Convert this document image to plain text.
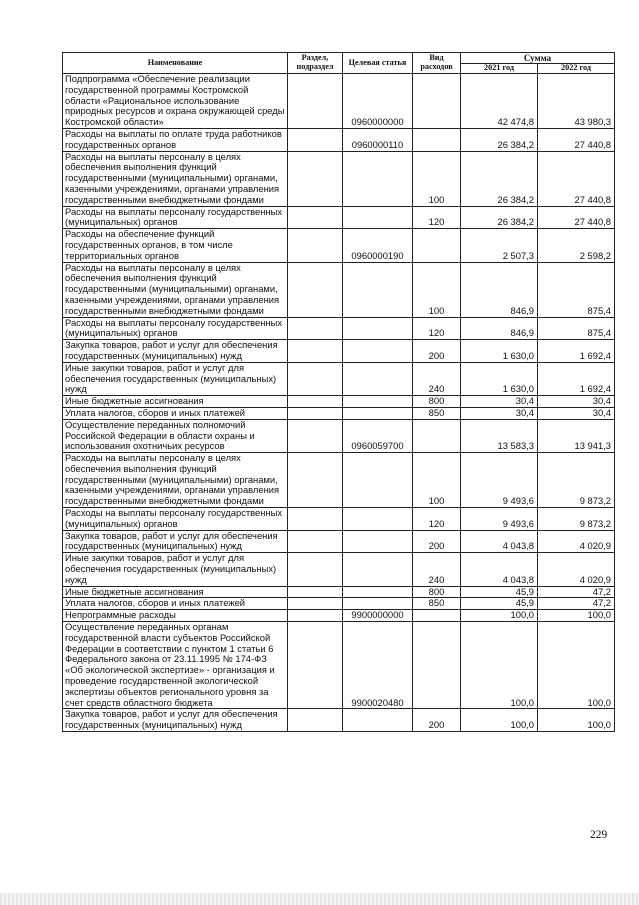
Наименование	Раздел, подраздел	Целевая статья	Вид расходов	Сумма	
				2021 год	2022 год
Подпрограмма «Обеспечение реализации государственной программы Костромской области «Рациональное использование природных ресурсов и охрана окружающей среды Костромской области»		0960000000		42 474,8	43 980,3
Расходы на выплаты по оплате труда работников государственных органов		0960000110		26 384,2	27 440,8
Расходы на выплаты персоналу в целях обеспечения выполнения функций государственными (муниципальными) органами, казенными учреждениями, органами управления государственными внебюджетными фондами			100	26 384,2	27 440,8
Расходы на выплаты персоналу государственных (муниципальных) органов			120	26 384,2	27 440,8
Расходы на обеспечение функций государственных органов, в том числе территориальных органов		0960000190		2 507,3	2 598,2
Расходы на выплаты персоналу в целях обеспечения выполнения функций государственными (муниципальными) органами, казенными учреждениями, органами управления государственными внебюджетными фондами			100	846,9	875,4
Расходы на выплаты персоналу государственных (муниципальных) органов			120	846,9	875,4
Закупка товаров, работ и услуг для обеспечения государственных (муниципальных) нужд			200	1 630,0	1 692,4
Иные закупки товаров, работ и услуг для обеспечения государственных (муниципальных) нужд			240	1 630,0	1 692,4
Иные бюджетные ассигнования			800	30,4	30,4
Уплата налогов, сборов и иных платежей			850	30,4	30,4
Осуществление переданных полномочий Российской Федерации в области охраны и использования охотничьих ресурсов		0960059700		13 583,3	13 941,3
Расходы на выплаты персоналу в целях обеспечения выполнения функций государственными (муниципальными) органами, казенными учреждениями, органами управления государственными внебюджетными фондами			100	9 493,6	9 873,2
Расходы на выплаты персоналу государственных (муниципальных) органов			120	9 493,6	9 873,2
Закупка товаров, работ и услуг для обеспечения государственных (муниципальных) нужд			200	4 043,8	4 020,9
Иные закупки товаров, работ и услуг для обеспечения государственных (муниципальных) нужд			240	4 043,8	4 020,9
Иные бюджетные ассигнования			800	45,9	47,2
Уплата налогов, сборов и иных платежей			850	45,9	47,2
Непрограммные расходы		9900000000		100,0	100,0
Осуществление переданных органам государственной власти субъектов Российской Федерации в соответствии с пунктом 1 статьи 6 Федерального закона от 23.11.1995 № 174-ФЗ «Об экологической экспертизе» - организация и проведение государственной экологической экспертизы объектов регионального уровня за счет средств областного бюджета		9900020480		100,0	100,0
Закупка товаров, работ и услуг для обеспечения государственных (муниципальных) нужд			200	100,0	100,0
229
